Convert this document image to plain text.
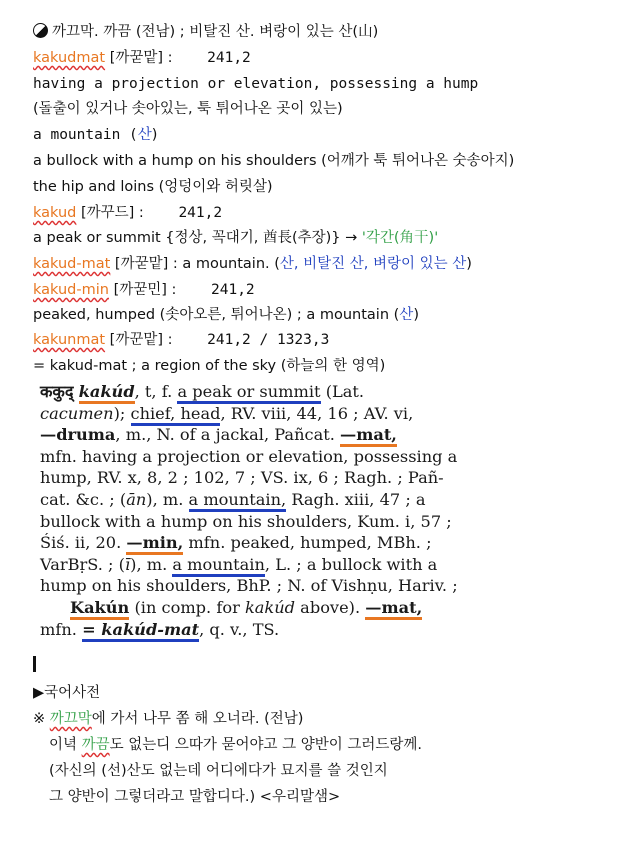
까끄막. 까끔 (전남) ; 비탈진 산. 벼랑이 있는 산(山)
kakudmat [까꾿맡] : 241,2
having a projection or elevation, possessing a hump
(돌출이 있거나 솟아있는, 툭 튀어나온 곳이 있는)
a mountain (산)
a bullock with a hump on his shoulders (어깨가 툭 튀어나온 숫송아지)
the hip and loins (엉덩이와 허릿살)
kakud [까꾸드] : 241,2
a peak or summit {정상, 꼭대기, 酋長(추장)} → '각간(角干)'
kakud-mat [까꾿맡] : a mountain. (산, 비탈진 산, 벼랑이 있는 산)
kakud-min [까꾿민] : 241,2
peaked, humped (솟아오른, 튀어나온) ; a mountain (산)
kakunmat [까꾼맡] : 241,2 / 1323,3
= kakud-mat ; a region of the sky (하늘의 한 영역)
ककुद् kakúd, t, f. a peak or summit (Lat.
cacumen); chief, head, RV. viii, 44, 16 ; AV. vi,
—druma, m., N. of a jackal, Pañcat. —mat,
mfn. having a projection or elevation, possessing a
hump, RV. x, 8, 2 ; 102, 7 ; VS. ix, 6 ; Ragh. ; Pañ-
cat. &c. ; (ān), m. a mountain, Ragh. xiii, 47 ; a
bullock with a hump on his shoulders, Kum. i, 57 ;
Śiś. ii, 20. —min, mfn. peaked, humped, MBh. ;
VarBṛS. ; (ī), m. a mountain, L. ; a bullock with a
hump on his shoulders, BhP. ; N. of Vishṇu, Hariv. ;
Kakún (in comp. for kakúd above). —mat,
mfn. = kakúd-mat, q. v., TS.
▶국어사전
※ 까끄막에 가서 나무 쫌 해 오너라. (전남)
이녁 까끔도 없는디 으따가 묻어야고 그 양반이 그러드랑께.
(자신의 (선)산도 없는데 어디에다가 묘지를 쓸 것인지
그 양반이 그렇더라고 말합디다.) <우리말샘>
